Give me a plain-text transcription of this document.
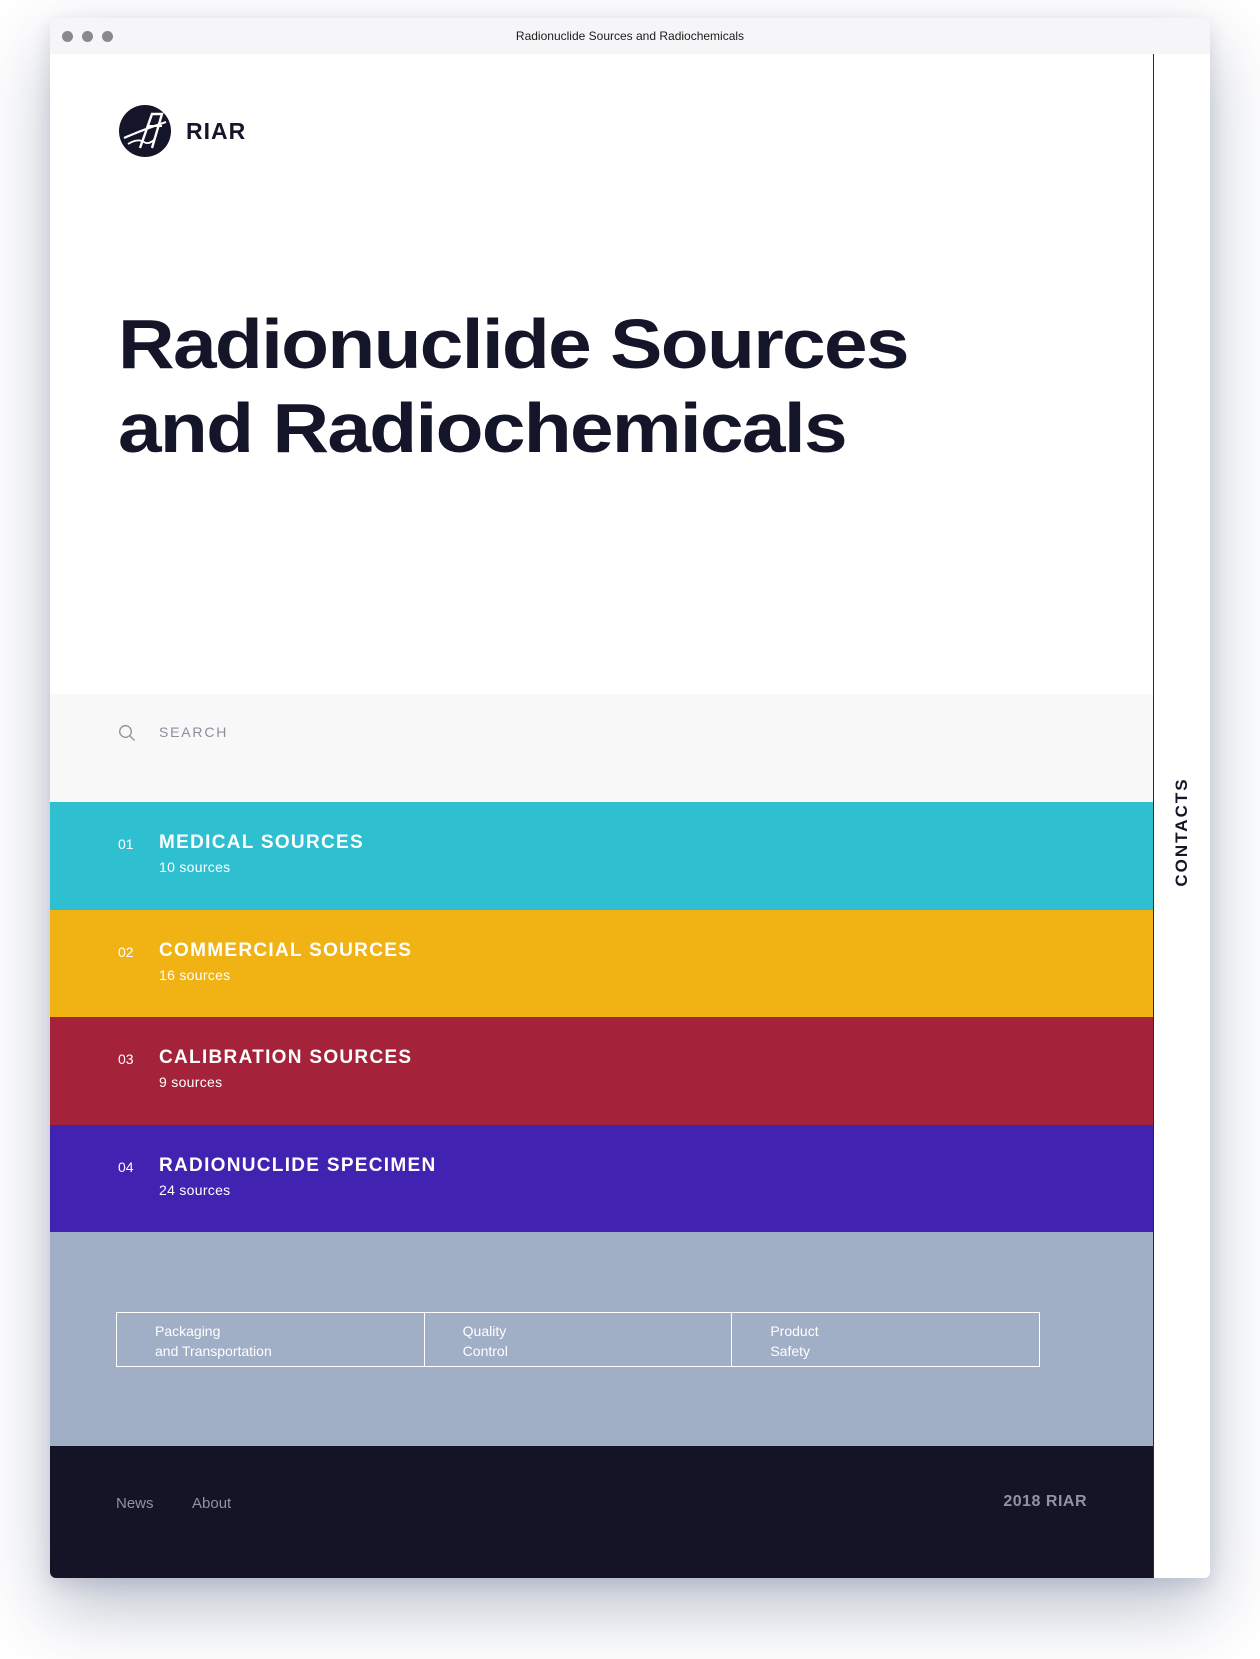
Radionuclide Sources and Radiochemicals
RIAR
Radionuclide Sources
and Radiochemicals
SEARCH
01 MEDICAL SOURCES
10 sources
02 COMMERCIAL SOURCES
16 sources
03 CALIBRATION SOURCES
9 sources
04 RADIONUCLIDE SPECIMEN
24 sources
Packaging
and Transportation
Quality
Control
Product
Safety
News	About	2018 RIAR
CONTACTS
